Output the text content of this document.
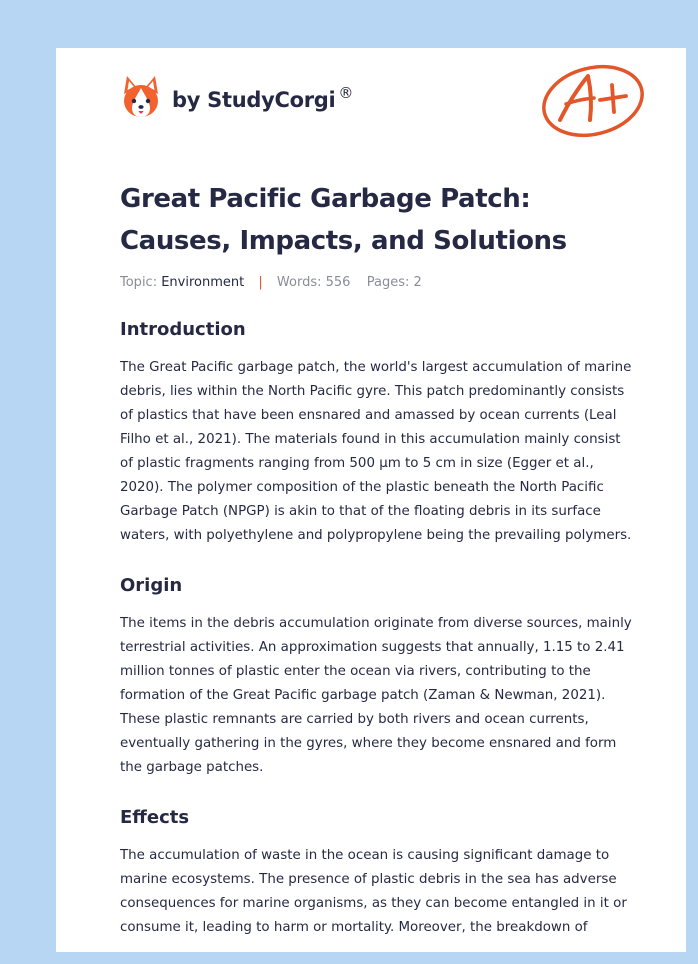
by StudyCorgi ®
Great Pacific Garbage Patch: Causes, Impacts, and Solutions
Topic: Environment | Words: 556 Pages: 2
Introduction

The Great Pacific garbage patch, the world's largest accumulation of marine debris, lies within the North Pacific gyre. This patch predominantly consists of plastics that have been ensnared and amassed by ocean currents (Leal Filho et al., 2021). The materials found in this accumulation mainly consist of plastic fragments ranging from 500 µm to 5 cm in size (Egger et al., 2020). The polymer composition of the plastic beneath the North Pacific Garbage Patch (NPGP) is akin to that of the floating debris in its surface waters, with polyethylene and polypropylene being the prevailing polymers.

Origin

The items in the debris accumulation originate from diverse sources, mainly terrestrial activities. An approximation suggests that annually, 1.15 to 2.41 million tonnes of plastic enter the ocean via rivers, contributing to the formation of the Great Pacific garbage patch (Zaman & Newman, 2021). These plastic remnants are carried by both rivers and ocean currents, eventually gathering in the gyres, where they become ensnared and form the garbage patches.

Effects

The accumulation of waste in the ocean is causing significant damage to marine ecosystems. The presence of plastic debris in the sea has adverse consequences for marine organisms, as they can become entangled in it or consume it, leading to harm or mortality. Moreover, the breakdown of
